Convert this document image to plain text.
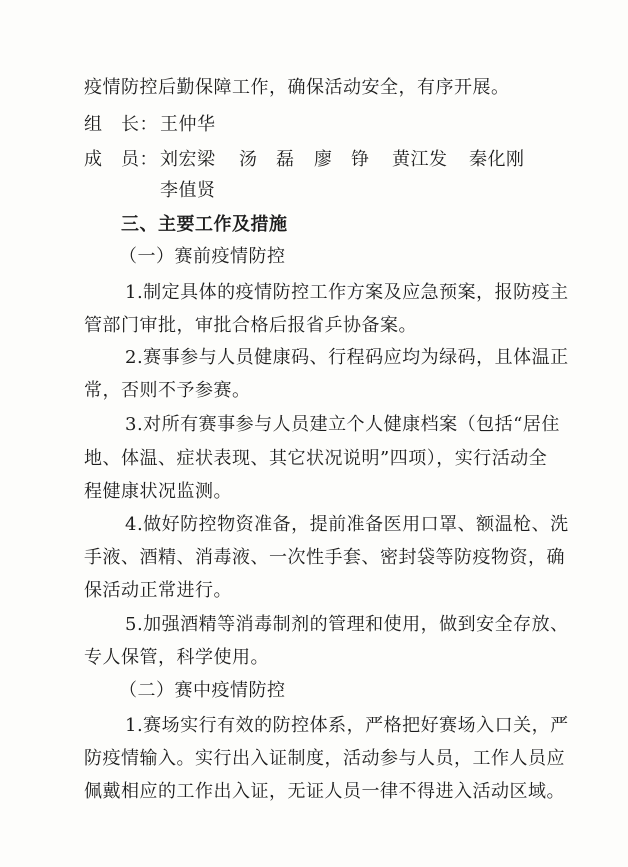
疫情防控后勤保障工作，确保活动安全，有序开展。
组　长： 王仲华
成　员： 刘宏梁 汤　磊 廖　铮 黄江发 秦化刚
李值贤
三、主要工作及措施
（一）赛前疫情防控
1.制定具体的疫情防控工作方案及应急预案，报防疫主
管部门审批，审批合格后报省乒协备案。
2.赛事参与人员健康码、行程码应均为绿码，且体温正
常，否则不予参赛。
3.对所有赛事参与人员建立个人健康档案（包括“居住
地、体温、症状表现、其它状况说明”四项），实行活动全
程健康状况监测。
4.做好防控物资准备，提前准备医用口罩、额温枪、洗
手液、酒精、消毒液、一次性手套、密封袋等防疫物资，确
保活动正常进行。
5.加强酒精等消毒制剂的管理和使用，做到安全存放、
专人保管，科学使用。
（二）赛中疫情防控
1.赛场实行有效的防控体系，严格把好赛场入口关，严
防疫情输入。实行出入证制度，活动参与人员，工作人员应
佩戴相应的工作出入证，无证人员一律不得进入活动区域。
